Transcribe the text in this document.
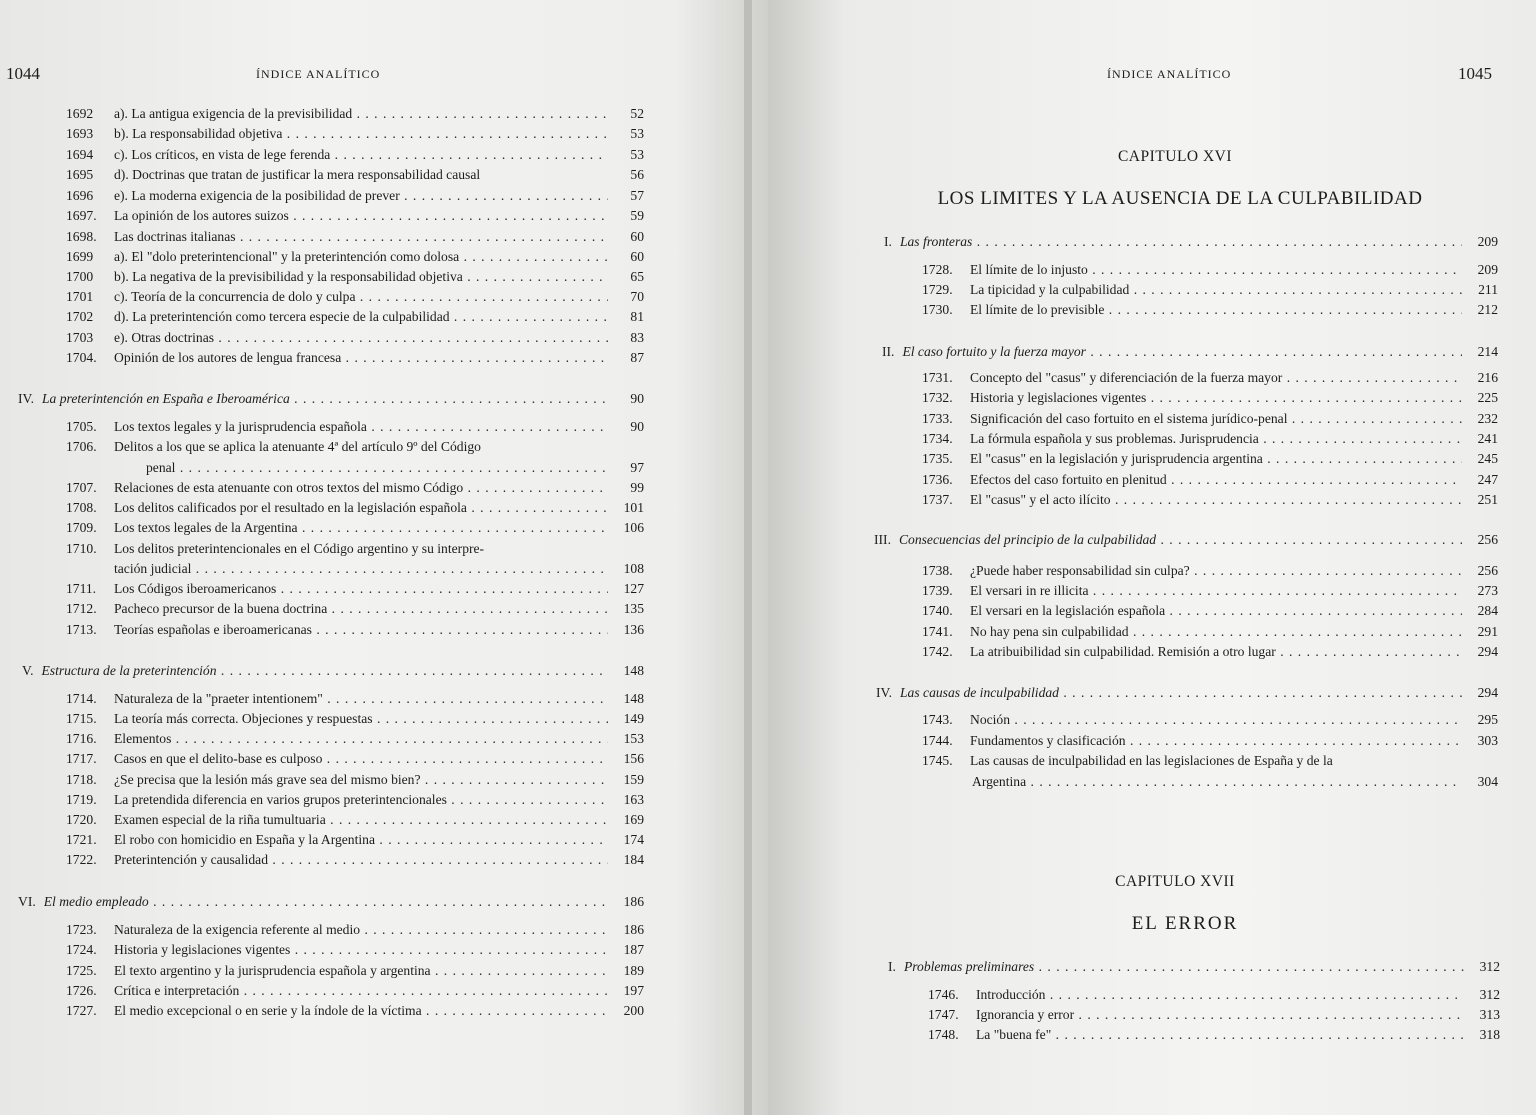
1044	ÍNDICE ANALÍTICO
1692	a). La antigua exigencia de la previsibilidad . . .	52
1693	b). La responsabilidad objetiva . . .	53
1694	c). Los críticos, en vista de lege ferenda . . .	53
1695	d). Doctrinas que tratan de justificar la mera responsabilidad causal	56
1696	e). La moderna exigencia de la posibilidad de prever . . .	57
1697.	La opinión de los autores suizos . . .	59
1698.	Las doctrinas italianas . . .	60
1699	a). El "dolo preterintencional" y la preterintención como dolosa . . .	60
1700	b). La negativa de la previsibilidad y la responsabilidad objetiva . . .	65
1701	c). Teoría de la concurrencia de dolo y culpa . . .	70
1702	d). La preterintención como tercera especie de la culpabilidad . . .	81
1703	e). Otras doctrinas . . .	83
1704.	Opinión de los autores de lengua francesa . . .	87
IV. La preterintención en España e Iberoamérica . . .	90
1705.	Los textos legales y la jurisprudencia española . . .	90
1706.	Delitos a los que se aplica la atenuante 4ª del artículo 9º del Código
penal . . .	97
1707.	Relaciones de esta atenuante con otros textos del mismo Código . . .	99
1708.	Los delitos calificados por el resultado en la legislación española . . .	101
1709.	Los textos legales de la Argentina . . .	106
1710.	Los delitos preterintencionales en el Código argentino y su interpre-
tación judicial . . .	108
1711.	Los Códigos iberoamericanos . . .	127
1712.	Pacheco precursor de la buena doctrina . . .	135
1713.	Teorías españolas e iberoamericanas . . .	136
V. Estructura de la preterintención . . .	148
1714.	Naturaleza de la "praeter intentionem" . . .	148
1715.	La teoría más correcta. Objeciones y respuestas . . .	149
1716.	Elementos . . .	153
1717.	Casos en que el delito-base es culposo . . .	156
1718.	¿Se precisa que la lesión más grave sea del mismo bien? . . .	159
1719.	La pretendida diferencia en varios grupos preterintencionales . . .	163
1720.	Examen especial de la riña tumultuaria . . .	169
1721.	El robo con homicidio en España y la Argentina . . .	174
1722.	Preterintención y causalidad . . .	184
VI. El medio empleado . . .	186
1723.	Naturaleza de la exigencia referente al medio . . .	186
1724.	Historia y legislaciones vigentes . . .	187
1725.	El texto argentino y la jurisprudencia española y argentina . . .	189
1726.	Crítica e interpretación . . .	197
1727.	El medio excepcional o en serie y la índole de la víctima . . .	200
ÍNDICE ANALÍTICO	1045
CAPITULO XVI
LOS LIMITES Y LA AUSENCIA DE LA CULPABILIDAD
I. Las fronteras . . .	209
1728.	El límite de lo injusto . . .	209
1729.	La tipicidad y la culpabilidad . . .	211
1730.	El límite de lo previsible . . .	212
II. El caso fortuito y la fuerza mayor . . .	214
1731.	Concepto del "casus" y diferenciación de la fuerza mayor . . .	216
1732.	Historia y legislaciones vigentes . . .	225
1733.	Significación del caso fortuito en el sistema jurídico-penal . . .	232
1734.	La fórmula española y sus problemas. Jurisprudencia . . .	241
1735.	El "casus" en la legislación y jurisprudencia argentina . . .	245
1736.	Efectos del caso fortuito en plenitud . . .	247
1737.	El "casus" y el acto ilícito . . .	251
III. Consecuencias del principio de la culpabilidad . . .	256
1738.	¿Puede haber responsabilidad sin culpa? . . .	256
1739.	El versari in re illicita . . .	273
1740.	El versari en la legislación española . . .	284
1741.	No hay pena sin culpabilidad . . .	291
1742.	La atribuibilidad sin culpabilidad. Remisión a otro lugar . . .	294
IV. Las causas de inculpabilidad . . .	294
1743.	Noción . . .	295
1744.	Fundamentos y clasificación . . .	303
1745.	Las causas de inculpabilidad en las legislaciones de España y de la
Argentina . . .	304
CAPITULO XVII
EL ERROR
I. Problemas preliminares . . .	312
1746.	Introducción . . .	312
1747.	Ignorancia y error . . .	313
1748.	La "buena fe" . . .	318
